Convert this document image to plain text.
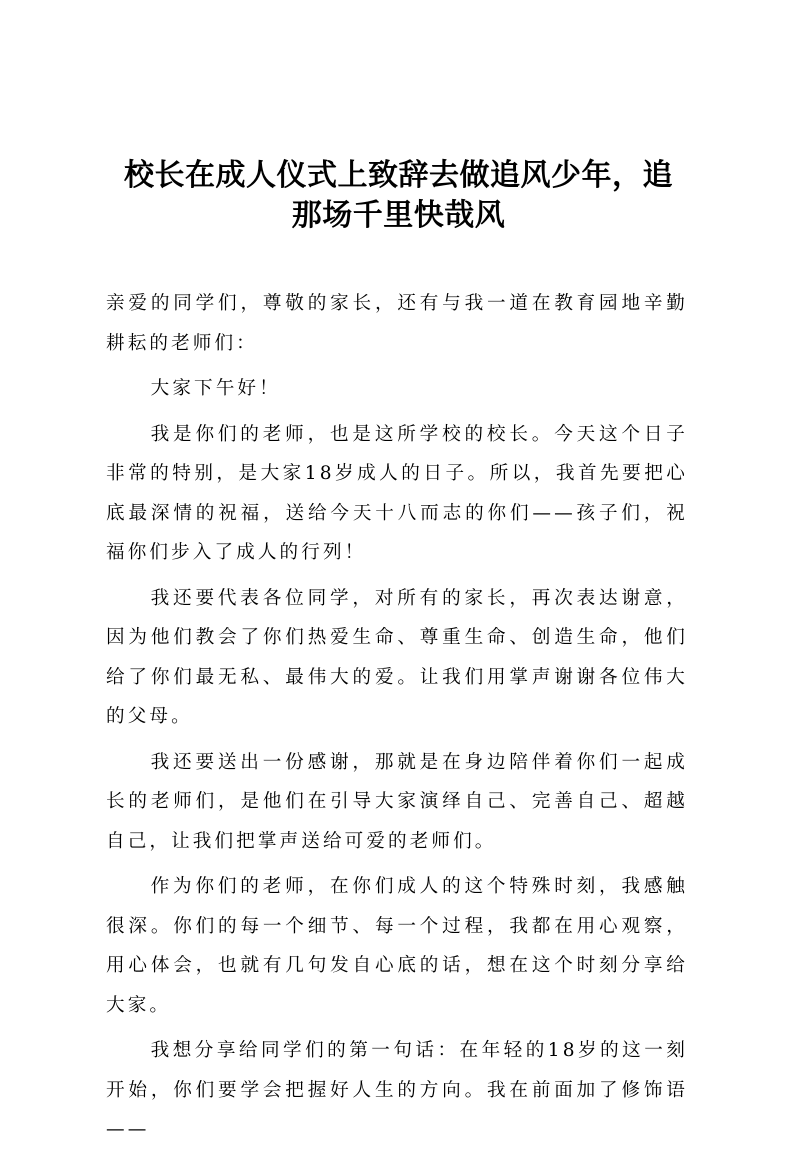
校长在成人仪式上致辞去做追风少年，追
那场千里快哉风

亲爱的同学们，尊敬的家长，还有与我一道在教育园地辛勤耕耘的老师们：

大家下午好！

我是你们的老师，也是这所学校的校长。今天这个日子非常的特别，是大家18岁成人的日子。所以，我首先要把心底最深情的祝福，送给今天十八而志的你们——孩子们，祝福你们步入了成人的行列！

我还要代表各位同学，对所有的家长，再次表达谢意，因为他们教会了你们热爱生命、尊重生命、创造生命，他们给了你们最无私、最伟大的爱。让我们用掌声谢谢各位伟大的父母。

我还要送出一份感谢，那就是在身边陪伴着你们一起成长的老师们，是他们在引导大家演绎自己、完善自己、超越自己，让我们把掌声送给可爱的老师们。

作为你们的老师，在你们成人的这个特殊时刻，我感触很深。你们的每一个细节、每一个过程，我都在用心观察，用心体会，也就有几句发自心底的话，想在这个时刻分享给大家。

我想分享给同学们的第一句话：在年轻的18岁的这一刻开始，你们要学会把握好人生的方向。我在前面加了修饰语——
